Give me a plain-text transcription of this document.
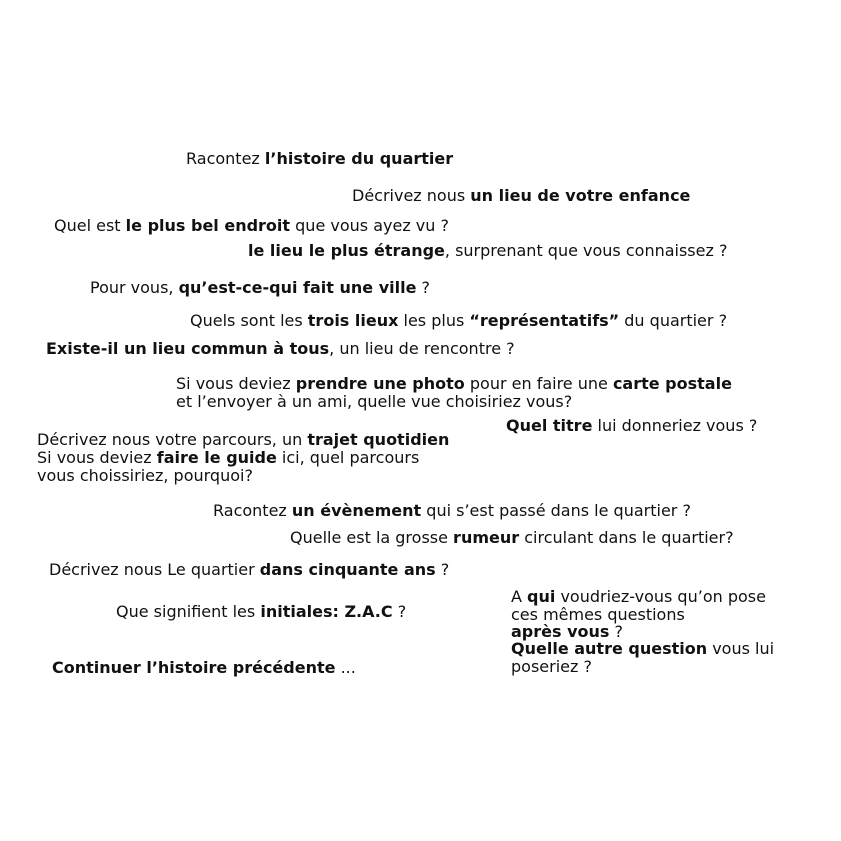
Racontez l’histoire du quartier
Décrivez nous un lieu de votre enfance
Quel est le plus bel endroit que vous ayez vu ?
le lieu le plus étrange, surprenant que vous connaissez ?
Pour vous, qu’est-ce-qui fait une ville ?
Quels sont les trois lieux les plus “représentatifs” du quartier ?
Existe-il un lieu commun à tous, un lieu de rencontre ?
Si vous deviez prendre une photo pour en faire une carte postale
et l’envoyer à un ami, quelle vue choisiriez vous?
Quel titre lui donneriez vous ?
Décrivez nous votre parcours, un trajet quotidien
Si vous deviez faire le guide ici, quel parcours
vous choissiriez, pourquoi?
Racontez un évènement qui s’est passé dans le quartier ?
Quelle est la grosse rumeur circulant dans le quartier?
Décrivez nous Le quartier dans cinquante ans ?
A qui voudriez-vous qu’on pose
ces mêmes questions
après vous ?
Quelle autre question vous lui
poseriez ?
Que signifient les initiales: Z.A.C ?
Continuer l’histoire précédente ...
